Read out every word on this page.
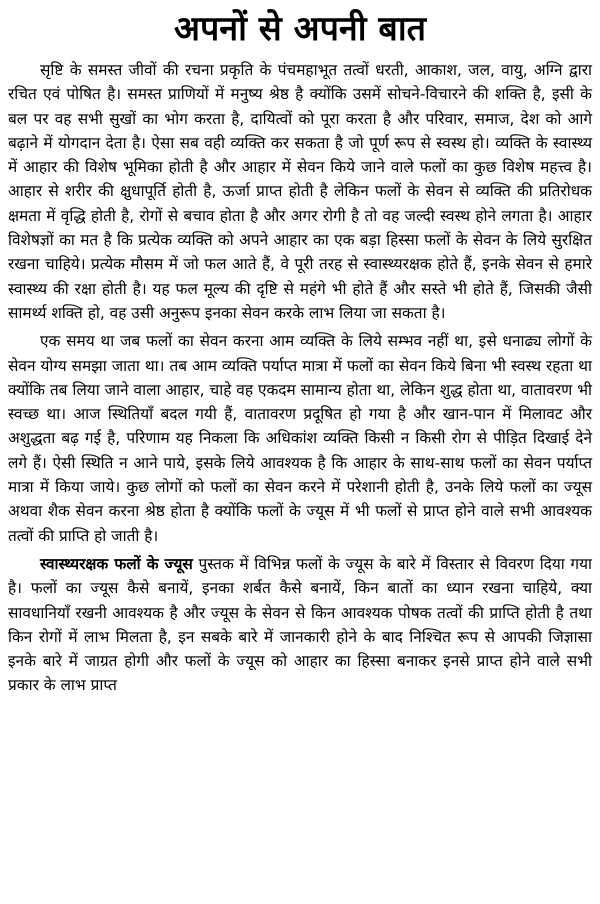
अपनों से अपनी बात

सृष्टि के समस्त जीवों की रचना प्रकृति के पंचमहाभूत तत्वों धरती, आकाश, जल, वायु, अग्नि द्वारा रचित एवं पोषित है। समस्त प्राणियों में मनुष्य श्रेष्ठ है क्योंकि उसमें सोचने-विचारने की शक्ति है, इसी के बल पर वह सभी सुखों का भोग करता है, दायित्वों को पूरा करता है और परिवार, समाज, देश को आगे बढ़ाने में योगदान देता है। ऐसा सब वही व्यक्ति कर सकता है जो पूर्ण रूप से स्वस्थ हो। व्यक्ति के स्वास्थ्य में आहार की विशेष भूमिका होती है और आहार में सेवन किये जाने वाले फलों का कुछ विशेष महत्त्व है। आहार से शरीर की क्षुधापूर्ति होती है, ऊर्जा प्राप्त होती है लेकिन फलों के सेवन से व्यक्ति की प्रतिरोधक क्षमता में वृद्धि होती है, रोगों से बचाव होता है और अगर रोगी है तो वह जल्दी स्वस्थ होने लगता है। आहार विशेषज्ञों का मत है कि प्रत्येक व्यक्ति को अपने आहार का एक बड़ा हिस्सा फलों के सेवन के लिये सुरक्षित रखना चाहिये। प्रत्येक मौसम में जो फल आते हैं, वे पूरी तरह से स्वास्थ्यरक्षक होते हैं, इनके सेवन से हमारे स्वास्थ्य की रक्षा होती है। यह फल मूल्य की दृष्टि से महंगे भी होते हैं और सस्ते भी होते हैं, जिसकी जैसी सामर्थ्य शक्ति हो, वह उसी अनुरूप इनका सेवन करके लाभ लिया जा सकता है।

एक समय था जब फलों का सेवन करना आम व्यक्ति के लिये सम्भव नहीं था, इसे धनाढ्य लोगों के सेवन योग्य समझा जाता था। तब आम व्यक्ति पर्याप्त मात्रा में फलों का सेवन किये बिना भी स्वस्थ रहता था क्योंकि तब लिया जाने वाला आहार, चाहे वह एकदम सामान्य होता था, लेकिन शुद्ध होता था, वातावरण भी स्वच्छ था। आज स्थितियाँ बदल गयी हैं, वातावरण प्रदूषित हो गया है और खान-पान में मिलावट और अशुद्धता बढ़ गई है, परिणाम यह निकला कि अधिकांश व्यक्ति किसी न किसी रोग से पीड़ित दिखाई देने लगे हैं। ऐसी स्थिति न आने पाये, इसके लिये आवश्यक है कि आहार के साथ-साथ फलों का सेवन पर्याप्त मात्रा में किया जाये। कुछ लोगों को फलों का सेवन करने में परेशानी होती है, उनके लिये फलों का ज्यूस अथवा शैक सेवन करना श्रेष्ठ होता है क्योंकि फलों के ज्यूस में भी फलों से प्राप्त होने वाले सभी आवश्यक तत्वों की प्राप्ति हो जाती है।

स्वास्थ्यरक्षक फलों के ज्यूस पुस्तक में विभिन्न फलों के ज्यूस के बारे में विस्तार से विवरण दिया गया है। फलों का ज्यूस कैसे बनायें, इनका शर्बत कैसे बनायें, किन बातों का ध्यान रखना चाहिये, क्या सावधानियाँ रखनी आवश्यक है और ज्यूस के सेवन से किन आवश्यक पोषक तत्वों की प्राप्ति होती है तथा किन रोगों में लाभ मिलता है, इन सबके बारे में जानकारी होने के बाद निश्चित रूप से आपकी जिज्ञासा इनके बारे में जाग्रत होगी और फलों के ज्यूस को आहार का हिस्सा बनाकर इनसे प्राप्त होने वाले सभी प्रकार के लाभ प्राप्त
